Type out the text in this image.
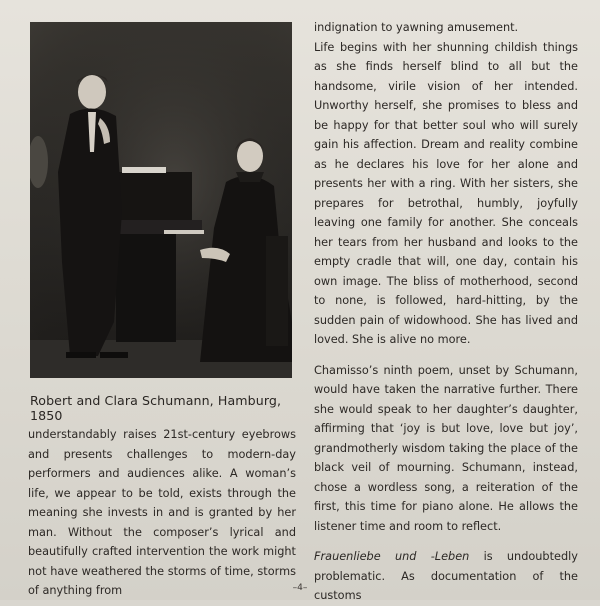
Robert and Clara Schumann, Hamburg, 1850

understandably raises 21st-century eyebrows and presents challenges to modern-day performers and audiences alike. A woman’s life, we appear to be told, exists through the meaning she invests in and is granted by her man. Without the composer’s lyrical and beautifully crafted intervention the work might not have weathered the storms of time, storms of anything from

indignation to yawning amusement.

Life begins with her shunning childish things as she finds herself blind to all but the handsome, virile vision of her intended. Unworthy herself, she promises to bless and be happy for that better soul who will surely gain his affection. Dream and reality combine as he declares his love for her alone and presents her with a ring. With her sisters, she prepares for betrothal, humbly, joyfully leaving one family for another. She conceals her tears from her husband and looks to the empty cradle that will, one day, contain his own image. The bliss of motherhood, second to none, is followed, hard-hitting, by the sudden pain of widowhood. She has lived and loved. She is alive no more.

Chamisso’s ninth poem, unset by Schumann, would have taken the narrative further. There she would speak to her daughter’s daughter, affirming that ‘joy is but love, love but joy’, grandmotherly wisdom taking the place of the black veil of mourning. Schumann, instead, chose a wordless song, a reiteration of the first, this time for piano alone. He allows the listener time and room to reflect.

Frauenliebe und -Leben is undoubtedly problematic. As documentation of the customs

–4–
